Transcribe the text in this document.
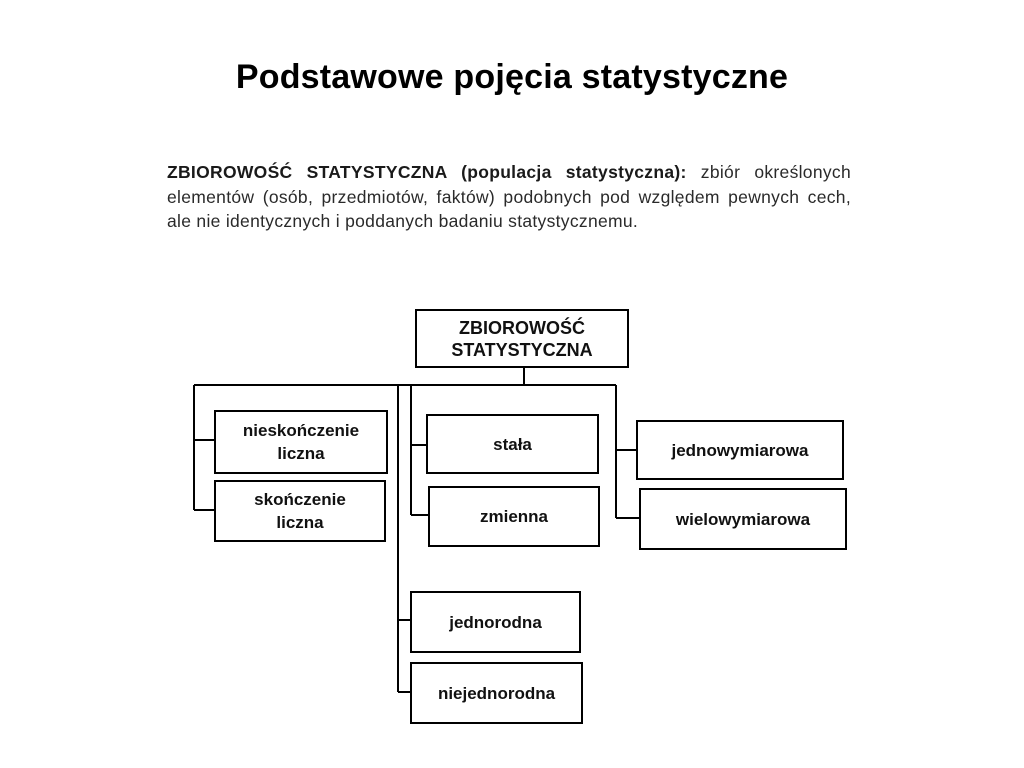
Podstawowe pojęcia statystyczne
ZBIOROWOŚĆ STATYSTYCZNA (populacja statystyczna): zbiór określonych elementów (osób, przedmiotów, faktów) podobnych pod względem pewnych cech, ale nie identycznych i poddanych badaniu statystycznemu.
ZBIOROWOŚĆ STATYSTYCZNA
nieskończenie liczna
skończenie liczna
stała
zmienna
jednowymiarowa
wielowymiarowa
jednorodna
niejednorodna
